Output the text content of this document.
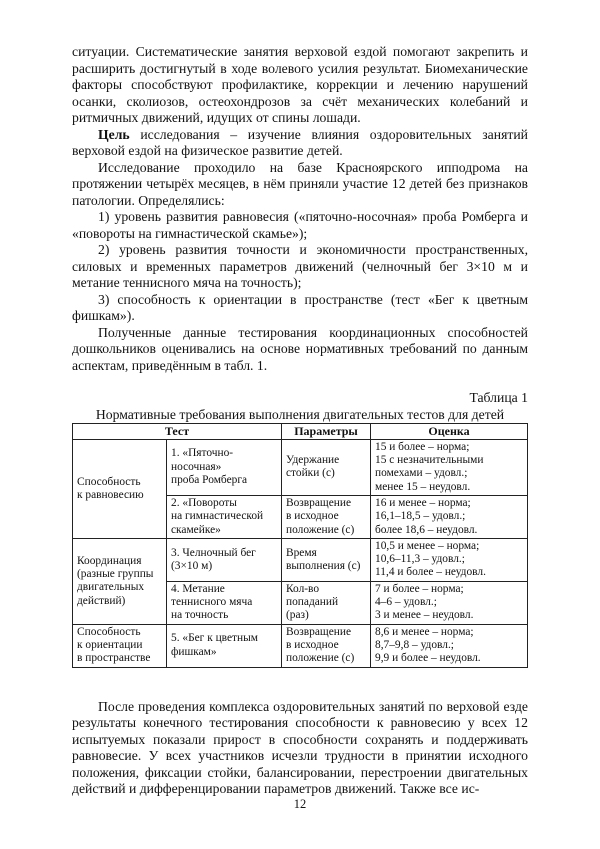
ситуации. Систематические занятия верховой ездой помогают закрепить и расширить достигнутый в ходе волевого усилия результат. Биомеханические факторы способствуют профилактике, коррекции и лечению нарушений осанки, сколиозов, остеохондрозов за счёт механических колебаний и ритмичных движений, идущих от спины лошади.

Цель исследования – изучение влияния оздоровительных занятий верховой ездой на физическое развитие детей.

Исследование проходило на базе Красноярского ипподрома на протяжении четырёх месяцев, в нём приняли участие 12 детей без признаков патологии. Определялись:

1) уровень развития равновесия («пяточно-носочная» проба Ромберга и «повороты на гимнастической скамье»);

2) уровень развития точности и экономичности пространственных, силовых и временных параметров движений (челночный бег 3×10 м и метание теннисного мяча на точность);

3) способность к ориентации в пространстве (тест «Бег к цветным фишкам»).

Полученные данные тестирования координационных способностей дошкольников оценивались на основе нормативных требований по данным аспектам, приведённым в табл. 1.

Таблица 1

Нормативные требования выполнения двигательных тестов для детей

Тест		Параметры	Оценка

Способность
к равновесию	1. «Пяточно-
носочная»
проба Ромберга	Удержание
стойки (с)	15 и более – норма;
15 с незначительными
помехами – удовл.;
менее 15 – неудовл.

	2. «Повороты
на гимнастической
скамейке»	Возвращение
в исходное
положение (с)	16 и менее – норма;
16,1–18,5 – удовл.;
более 18,6 – неудовл.

Координация
(разные группы
двигательных
действий)	3. Челночный бег
(3×10 м)	Время
выполнения (с)	10,5 и менее – норма;
10,6–11,3 – удовл.;
11,4 и более – неудовл.

	4. Метание
теннисного мяча
на точность	Кол-во
попаданий
(раз)	7 и более – норма;
4–6 – удовл.;
3 и менее – неудовл.

Способность
к ориентации
в пространстве	5. «Бег к цветным
фишкам»	Возвращение
в исходное
положение (с)	8,6 и менее – норма;
8,7–9,8 – удовл.;
9,9 и более – неудовл.

После проведения комплекса оздоровительных занятий по верховой езде результаты конечного тестирования способности к равновесию у всех 12 испытуемых показали прирост в способности сохранять и поддерживать равновесие. У всех участников исчезли трудности в принятии исходного положения, фиксации стойки, балансировании, перестроении двигательных действий и дифференцировании параметров движений. Также все ис-

12
